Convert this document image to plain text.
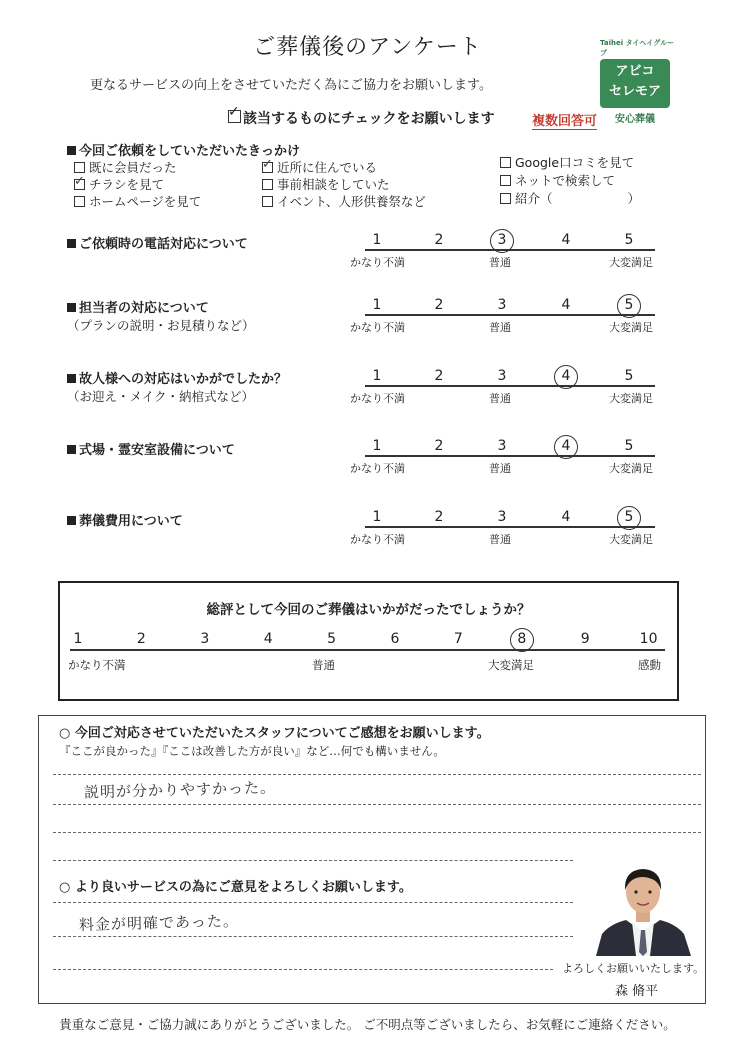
ご葬儀後のアンケート
更なるサービスの向上をさせていただく為にご協力をお願いします。
✓ 該当するものにチェックをお願いします	複数回答可
Taihei タイヘイグループ
アビコ
セレモア
安心葬儀
今回ご依頼をしていただいたきっかけ
既に会員だった
✓チラシを見て
ホームページを見て
✓近所に住んでいる
事前相談をしていた
イベント、人形供養祭など
Google口コミを見て
ネットで検索して
紹介（　　　　　　）
ご依頼時の電話対応について	1	2	3	4	5
かなり不満	普通	大変満足
担当者の対応について
（プランの説明・お見積りなど）
1	2	3	4	5
かなり不満	普通	大変満足
故人様への対応はいかがでしたか？
（お迎え・メイク・納棺式など）
1	2	3	4	5
かなり不満	普通	大変満足
式場・霊安室設備について	1	2	3	4	5
かなり不満	普通	大変満足
葬儀費用について	1	2	3	4	5
かなり不満	普通	大変満足
総評として今回のご葬儀はいかがだったでしょうか？
1	2	3	4	5	6	7	8	9	10
かなり不満	普通	大変満足	感動
○ 今回ご対応させていただいたスタッフについてご感想をお願いします。
『ここが良かった』『ここは改善した方が良い』など…何でも構いません。
説明が分かりやすかった。
○ より良いサービスの為にご意見をよろしくお願いします。
料金が明確であった。
よろしくお願いいたします。
森 脩平
貴重なご意見・ご協力誠にありがとうございました。 ご不明点等ございましたら、お気軽にご連絡ください。
